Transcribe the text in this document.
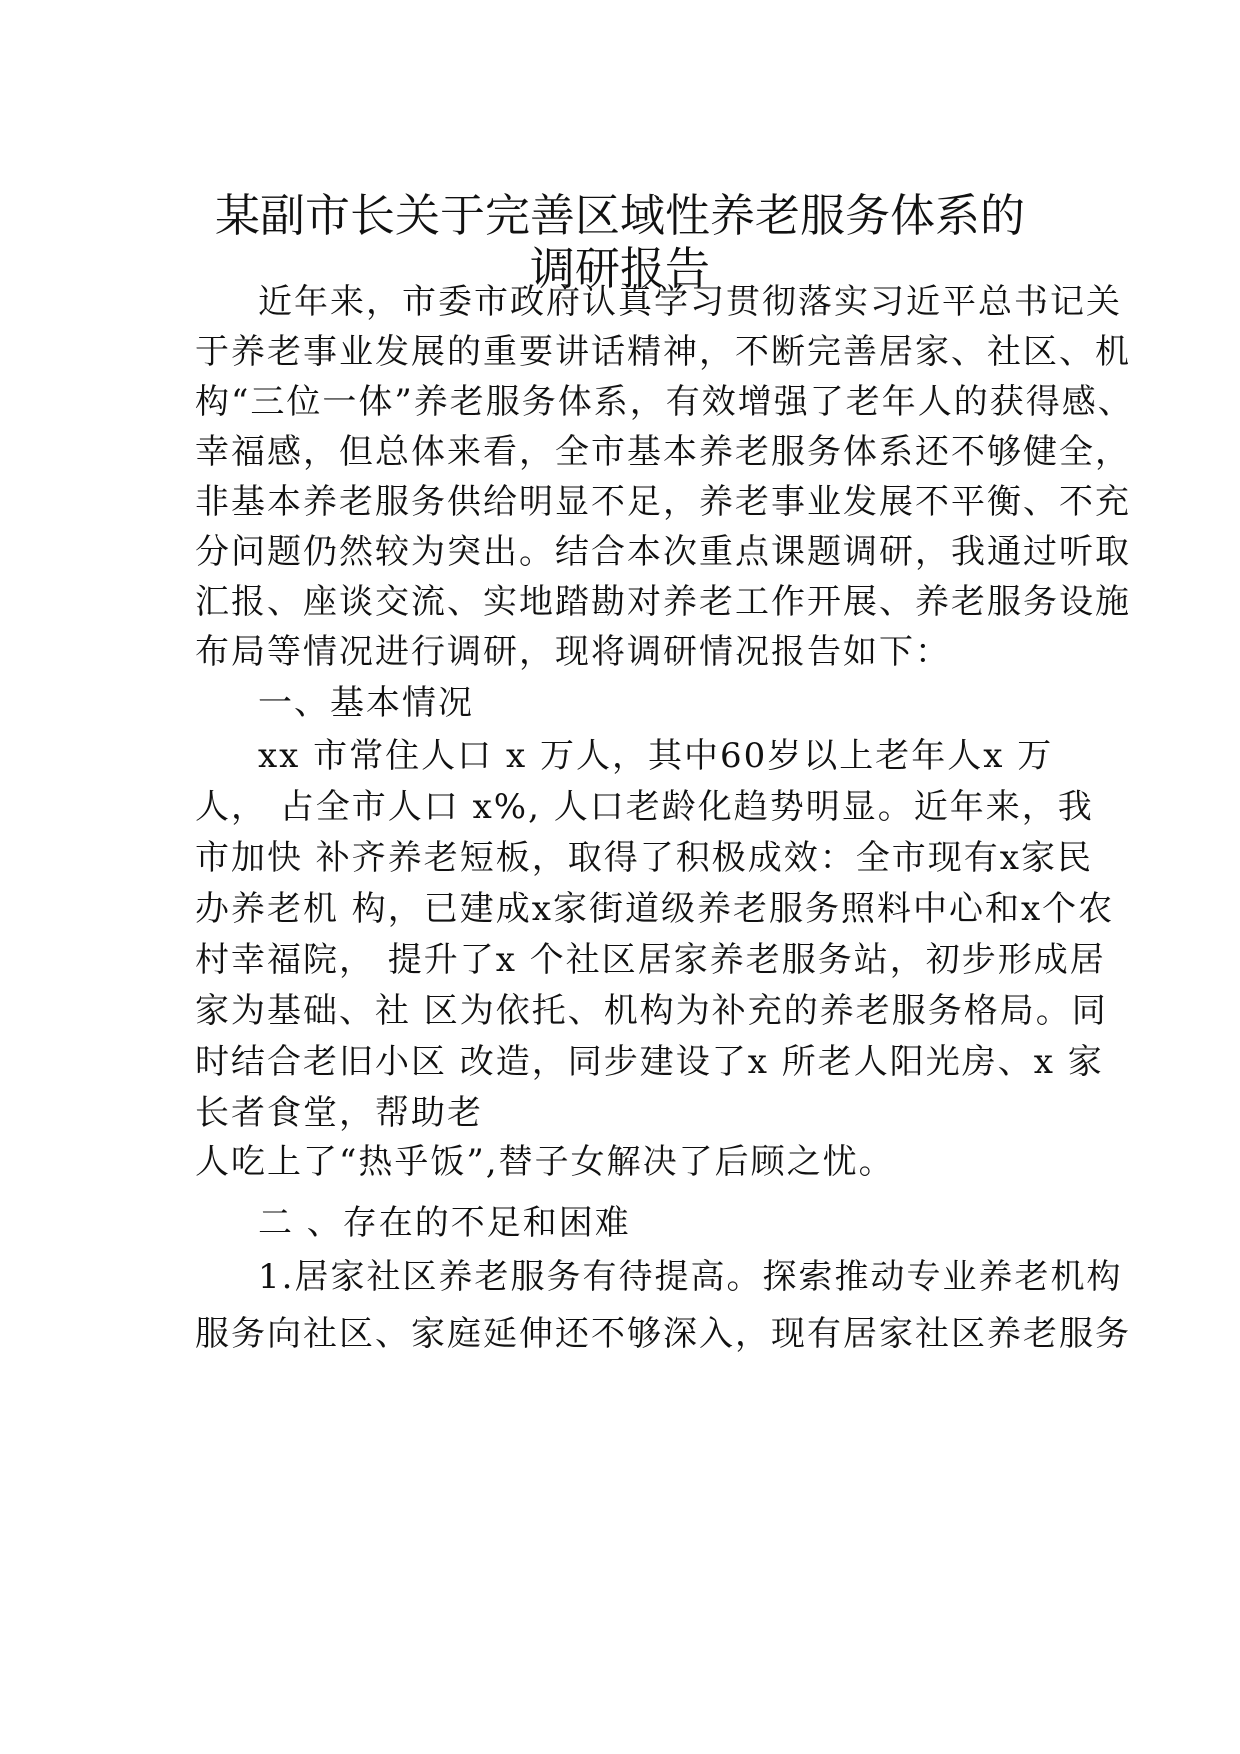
某副市长关于完善区域性养老服务体系的
调研报告
近年来，市委市政府认真学习贯彻落实习近平总书记关
于养老事业发展的重要讲话精神，不断完善居家、社区、机
构“三位一体”养老服务体系，有效增强了老年人的获得感、
幸福感，但总体来看，全市基本养老服务体系还不够健全，
非基本养老服务供给明显不足，养老事业发展不平衡、不充
分问题仍然较为突出。结合本次重点课题调研，我通过听取
汇报、座谈交流、实地踏勘对养老工作开展、养老服务设施
布局等情况进行调研，现将调研情况报告如下：
一、基本情况
xx 市常住人口 x 万人，其中60岁以上老年人x 万
人， 占全市人口 x%, 人口老龄化趋势明显。近年来，我
市加快 补齐养老短板，取得了积极成效：全市现有x家民
办养老机 构，已建成x家街道级养老服务照料中心和x个农
村幸福院， 提升了x 个社区居家养老服务站，初步形成居
家为基础、社 区为依托、机构为补充的养老服务格局。同
时结合老旧小区 改造，同步建设了x 所老人阳光房、x 家
长者食堂，帮助老
人吃上了“热乎饭”,替子女解决了后顾之忧。
二 、存在的不足和困难
1.居家社区养老服务有待提高。探索推动专业养老机构
服务向社区、家庭延伸还不够深入，现有居家社区养老服务
